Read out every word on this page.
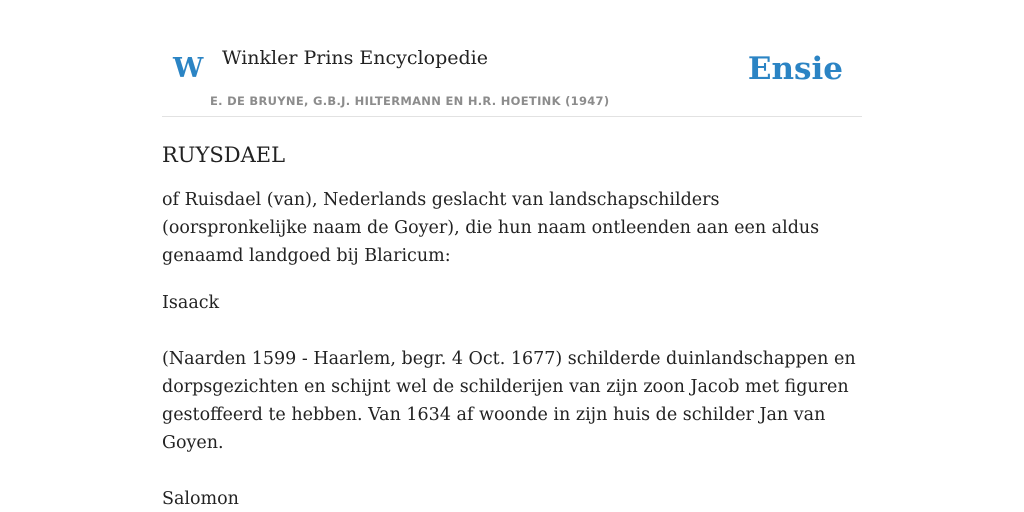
W Winkler Prins Encyclopedie
E. DE BRUYNE, G.B.J. HILTERMANN EN H.R. HOETINK (1947)
Ensie
RUYSDAEL

of Ruisdael (van), Nederlands geslacht van landschapschilders (oorspronkelijke naam de Goyer), die hun naam ontleenden aan een aldus genaamd landgoed bij Blaricum:

Isaack

(Naarden 1599 - Haarlem, begr. 4 Oct. 1677) schilderde duinlandschappen en dorpsgezichten en schijnt wel de schilderijen van zijn zoon Jacob met figuren gestoffeerd te hebben. Van 1634 af woonde in zijn huis de schilder Jan van Goyen.

Salomon
